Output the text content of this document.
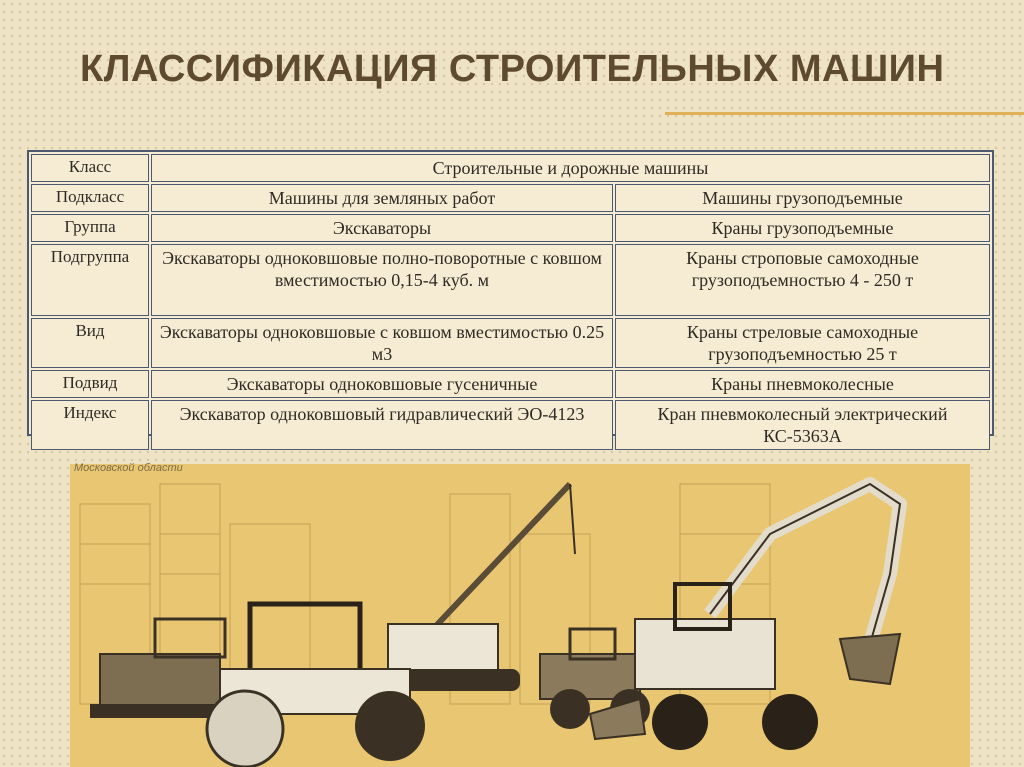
КЛАССИФИКАЦИЯ СТРОИТЕЛЬНЫХ МАШИН
Класс	Строительные и дорожные машины	
Подкласс	Машины для земляных работ	Машины грузоподъемные
Группа	Экскаваторы	Краны грузоподъемные
Подгруппа	Экскаваторы одноковшовые полно-поворотные с ковшом вместимостью 0,15-4 куб. м	Краны строповые самоходные грузоподъемностью 4 - 250 т
Вид	Экскаваторы одноковшовые с ковшом вместимостью 0.25 м3	Краны стреловые самоходные грузоподъемностью 25 т
Подвид	Экскаваторы одноковшовые гусеничные	Краны пневмоколесные
Индекс	Экскаватор одноковшовый гидравлический ЭО-4123	Кран пневмоколесный электрический КС-5363А
Московской области
